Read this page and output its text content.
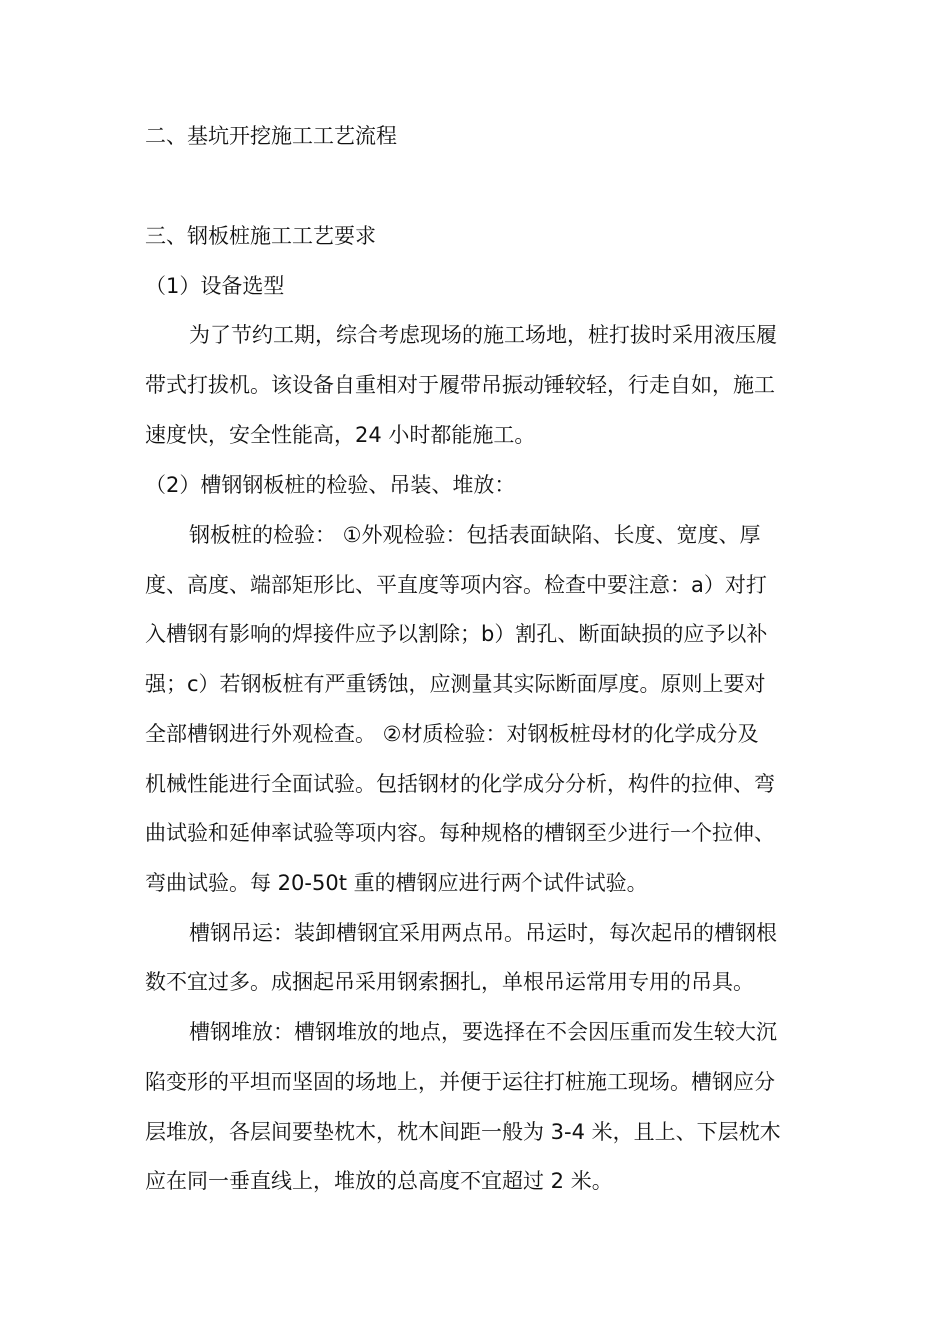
二、基坑开挖施工工艺流程
三、钢板桩施工工艺要求
（1）设备选型
为了节约工期，综合考虑现场的施工场地，桩打拔时采用液压履
带式打拔机。该设备自重相对于履带吊振动锤较轻，行走自如，施工
速度快，安全性能高，24 小时都能施工。
（2）槽钢钢板桩的检验、吊装、堆放：
钢板桩的检验： ①外观检验：包括表面缺陷、长度、宽度、厚
度、高度、端部矩形比、平直度等项内容。检查中要注意：a）对打
入槽钢有影响的焊接件应予以割除；b）割孔、断面缺损的应予以补
强；c）若钢板桩有严重锈蚀，应测量其实际断面厚度。原则上要对
全部槽钢进行外观检查。 ②材质检验：对钢板桩母材的化学成分及
机械性能进行全面试验。包括钢材的化学成分分析，构件的拉伸、弯
曲试验和延伸率试验等项内容。每种规格的槽钢至少进行一个拉伸、
弯曲试验。每 20-50t 重的槽钢应进行两个试件试验。
槽钢吊运：装卸槽钢宜采用两点吊。吊运时，每次起吊的槽钢根
数不宜过多。成捆起吊采用钢索捆扎，单根吊运常用专用的吊具。
槽钢堆放：槽钢堆放的地点，要选择在不会因压重而发生较大沉
陷变形的平坦而坚固的场地上，并便于运往打桩施工现场。槽钢应分
层堆放，各层间要垫枕木，枕木间距一般为 3-4 米，且上、下层枕木
应在同一垂直线上，堆放的总高度不宜超过 2 米。
